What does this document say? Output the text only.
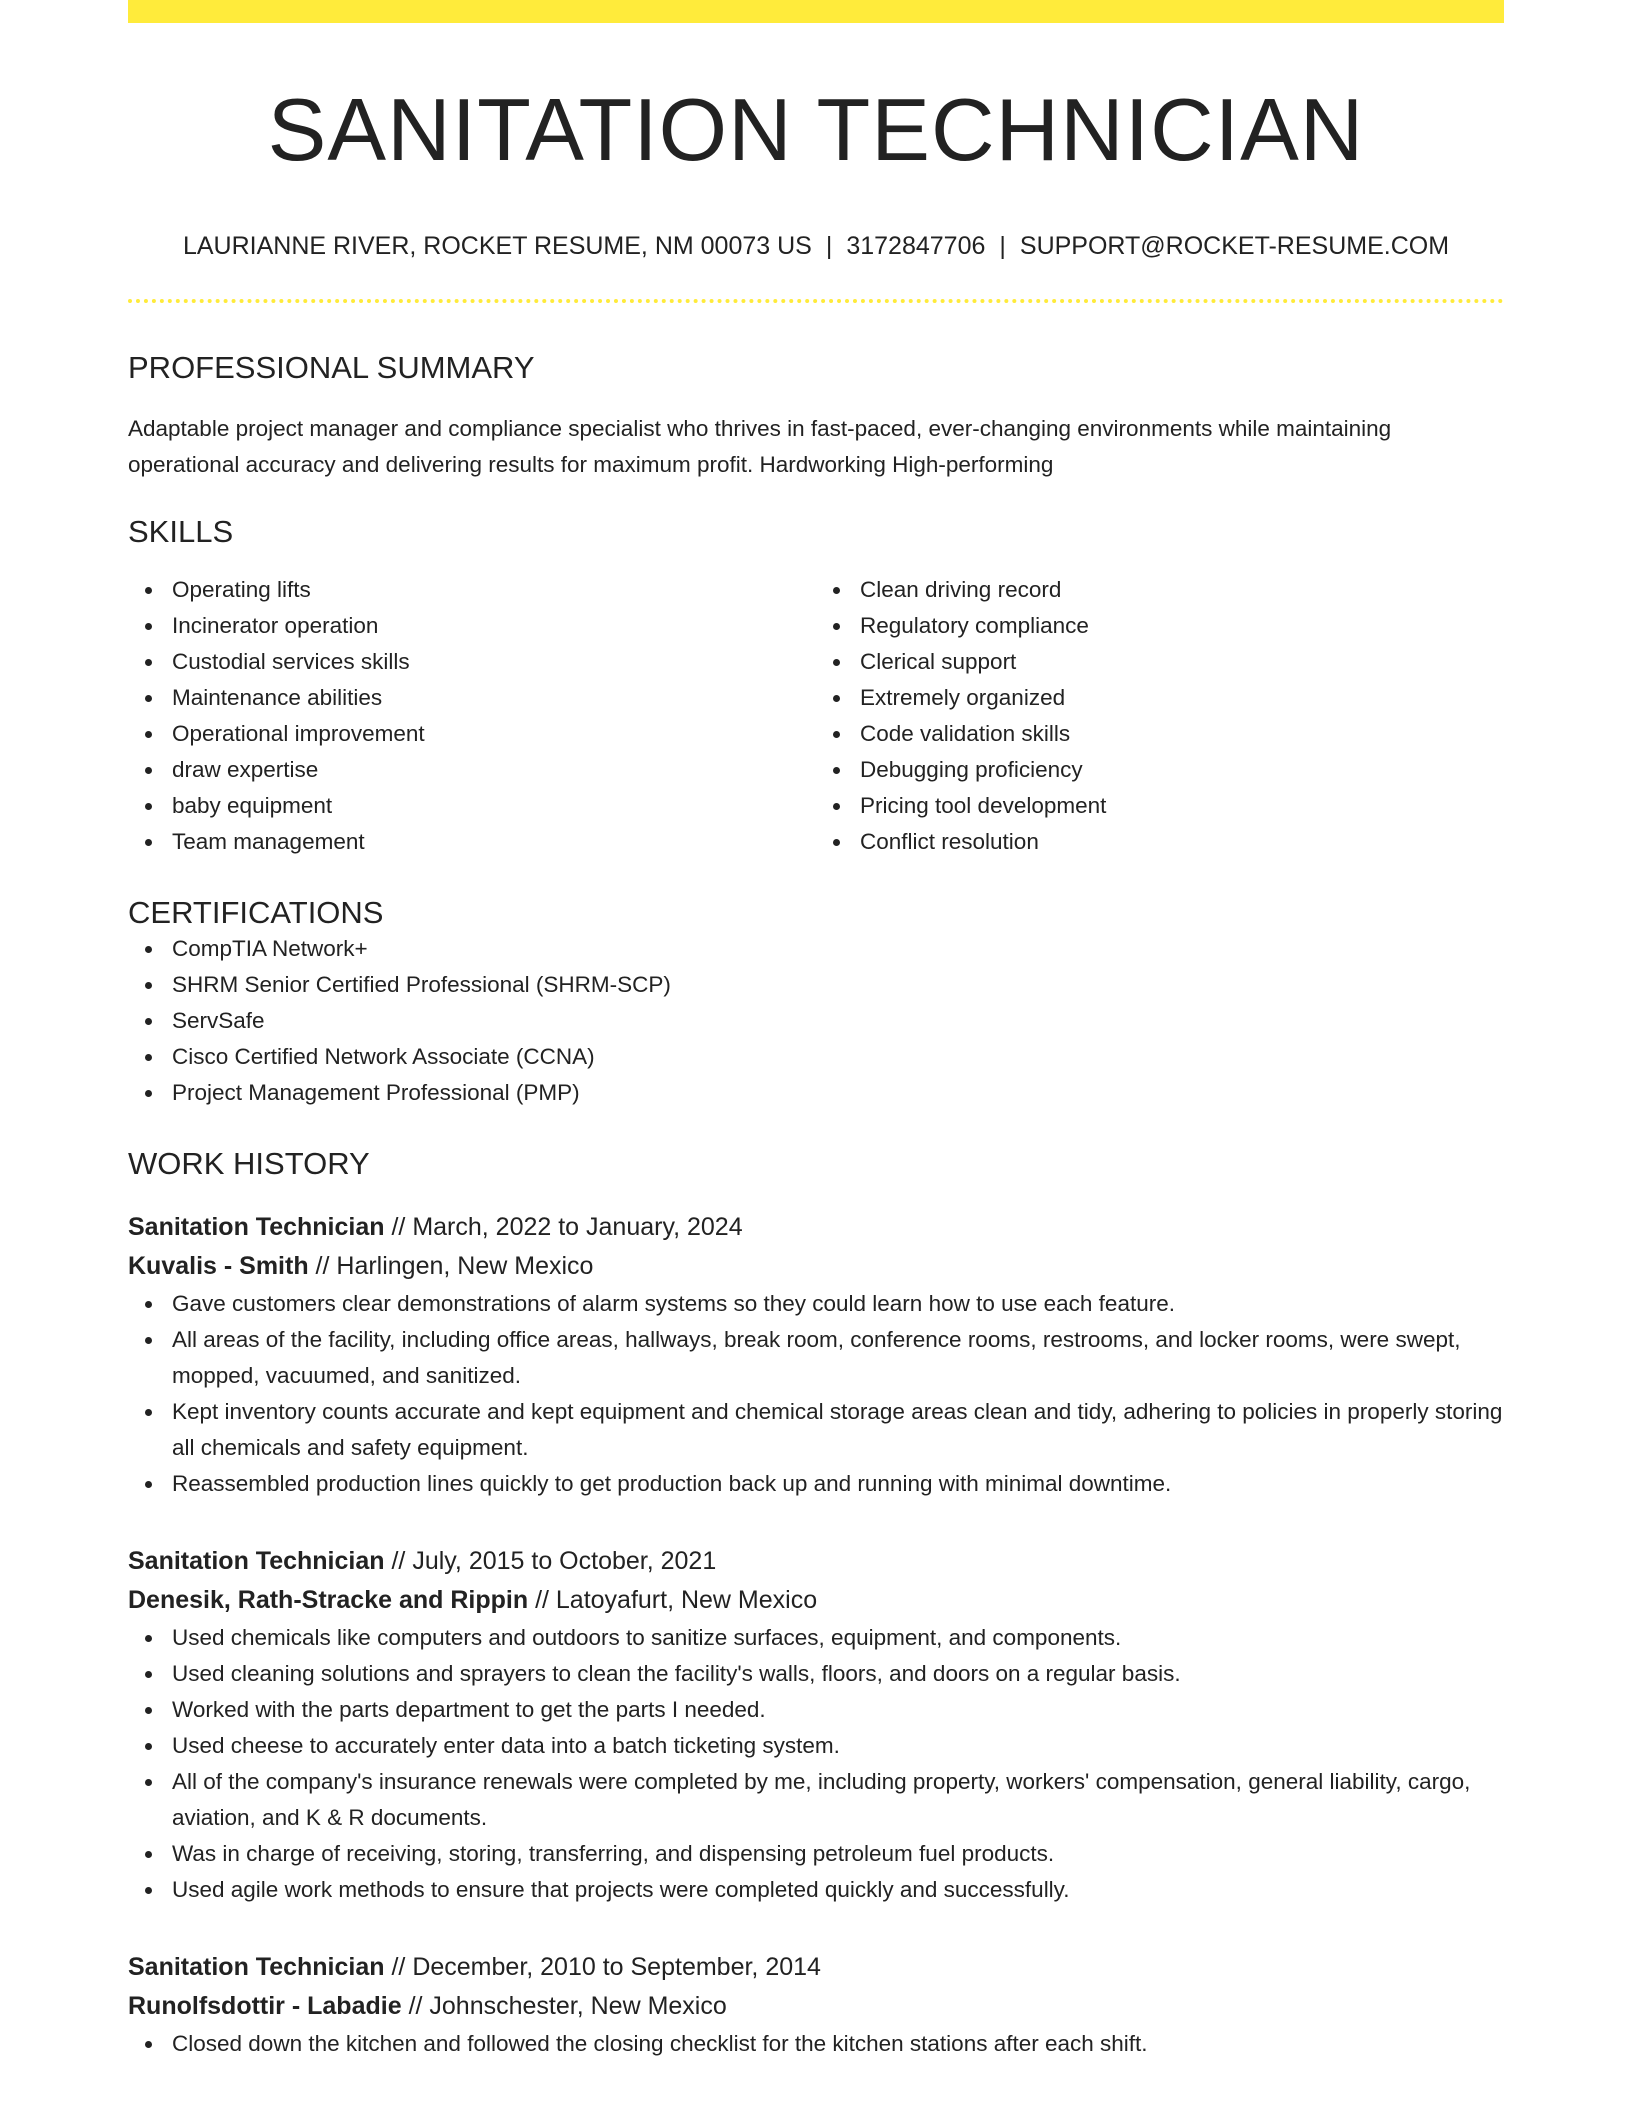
SANITATION TECHNICIAN
LAURIANNE RIVER, ROCKET RESUME, NM 00073 US | 3172847706 | SUPPORT@ROCKET-RESUME.COM
PROFESSIONAL SUMMARY

Adaptable project manager and compliance specialist who thrives in fast-paced, ever-changing environments while maintaining operational accuracy and delivering results for maximum profit. Hardworking High-performing

SKILLS
Operating lifts
Incinerator operation
Custodial services skills
Maintenance abilities
Operational improvement
draw expertise
baby equipment
Team management
Clean driving record
Regulatory compliance
Clerical support
Extremely organized
Code validation skills
Debugging proficiency
Pricing tool development
Conflict resolution
CERTIFICATIONS
CompTIA Network+
SHRM Senior Certified Professional (SHRM-SCP)
ServSafe
Cisco Certified Network Associate (CCNA)
Project Management Professional (PMP)
WORK HISTORY
Sanitation Technician // March, 2022 to January, 2024
Kuvalis - Smith // Harlingen, New Mexico
Gave customers clear demonstrations of alarm systems so they could learn how to use each feature.
All areas of the facility, including office areas, hallways, break room, conference rooms, restrooms, and locker rooms, were swept, mopped, vacuumed, and sanitized.
Kept inventory counts accurate and kept equipment and chemical storage areas clean and tidy, adhering to policies in properly storing all chemicals and safety equipment.
Reassembled production lines quickly to get production back up and running with minimal downtime.
Sanitation Technician // July, 2015 to October, 2021
Denesik, Rath-Stracke and Rippin // Latoyafurt, New Mexico
Used chemicals like computers and outdoors to sanitize surfaces, equipment, and components.
Used cleaning solutions and sprayers to clean the facility's walls, floors, and doors on a regular basis.
Worked with the parts department to get the parts I needed.
Used cheese to accurately enter data into a batch ticketing system.
All of the company's insurance renewals were completed by me, including property, workers' compensation, general liability, cargo, aviation, and K & R documents.
Was in charge of receiving, storing, transferring, and dispensing petroleum fuel products.
Used agile work methods to ensure that projects were completed quickly and successfully.
Sanitation Technician // December, 2010 to September, 2014
Runolfsdottir - Labadie // Johnschester, New Mexico
Closed down the kitchen and followed the closing checklist for the kitchen stations after each shift.
